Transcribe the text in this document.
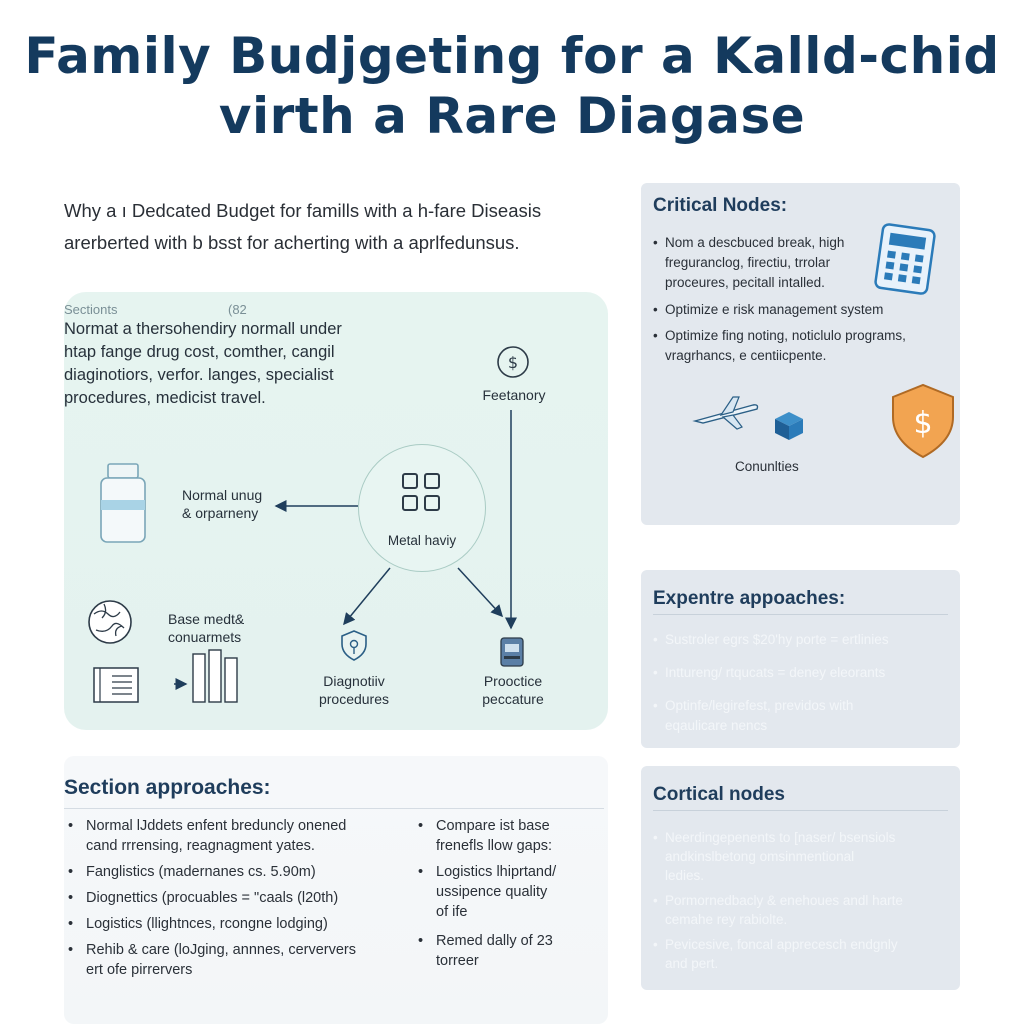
Family Budjgeting for a Kalld-chid
virth a Rare Diagase
Why a ı Dedcated Budget for famills with a h-fare Diseasis
arerberted with b bsst for acherting with a aprlfedunsus.
$
Sectionts	(82
Normat a thersohendiry normall under
htap fange drug cost, comther, cangil
diaginotiors, verfor. langes, specialist
procedures, medicist travel.	Feetanory
Metal haviy
Normal unug
& orparneny
Base medt&
conuarmets
Diagnotiiv
procedures
Prooctice
peccature
Critical Nodes:
• Nom a descbuced break, high
freguranclog, firectiu, trrolar
proceures, pecitall intalled.
• Optimize e risk management system
• Optimize fing noting, noticlulo programs,
vragrhancs, e centiicpente.
$
Conunlties
Expentre appoaches:
• Sustroler egrs $20'hy porte = ertlinies
• Inttureng/ rtqucats = deney eleorants
• Optinfe/legirefest, previdos with
eqaulicare nencs
Cortical nodes
• Neerdingepenents to [naser/ bsensiols
andkinslbetong omsinmentional
ledies.
• Pormornedbacly & enehoues andl harte
cemahe rey rabiolte.
• Pevicesive, foncal apprecesch endgnly
and pert.
Section approaches:
• Normal lJddets enfent breduncly onened
cand rrrensing, reagnagment yates.
• Fanglistics (madernanes cs. 5.90m)
• Diognettics (procuables = "caals (l20th)
• Logistics (llightnces, rcongne lodging)
• Rehib & care (loJging, annnes, cerververs
ert ofe pirrervers
• Compare ist base
frenefls llow gaps:
• Logistics lhiprtand/
ussipence quality
of ife
• Remed dally of 23
torreer
